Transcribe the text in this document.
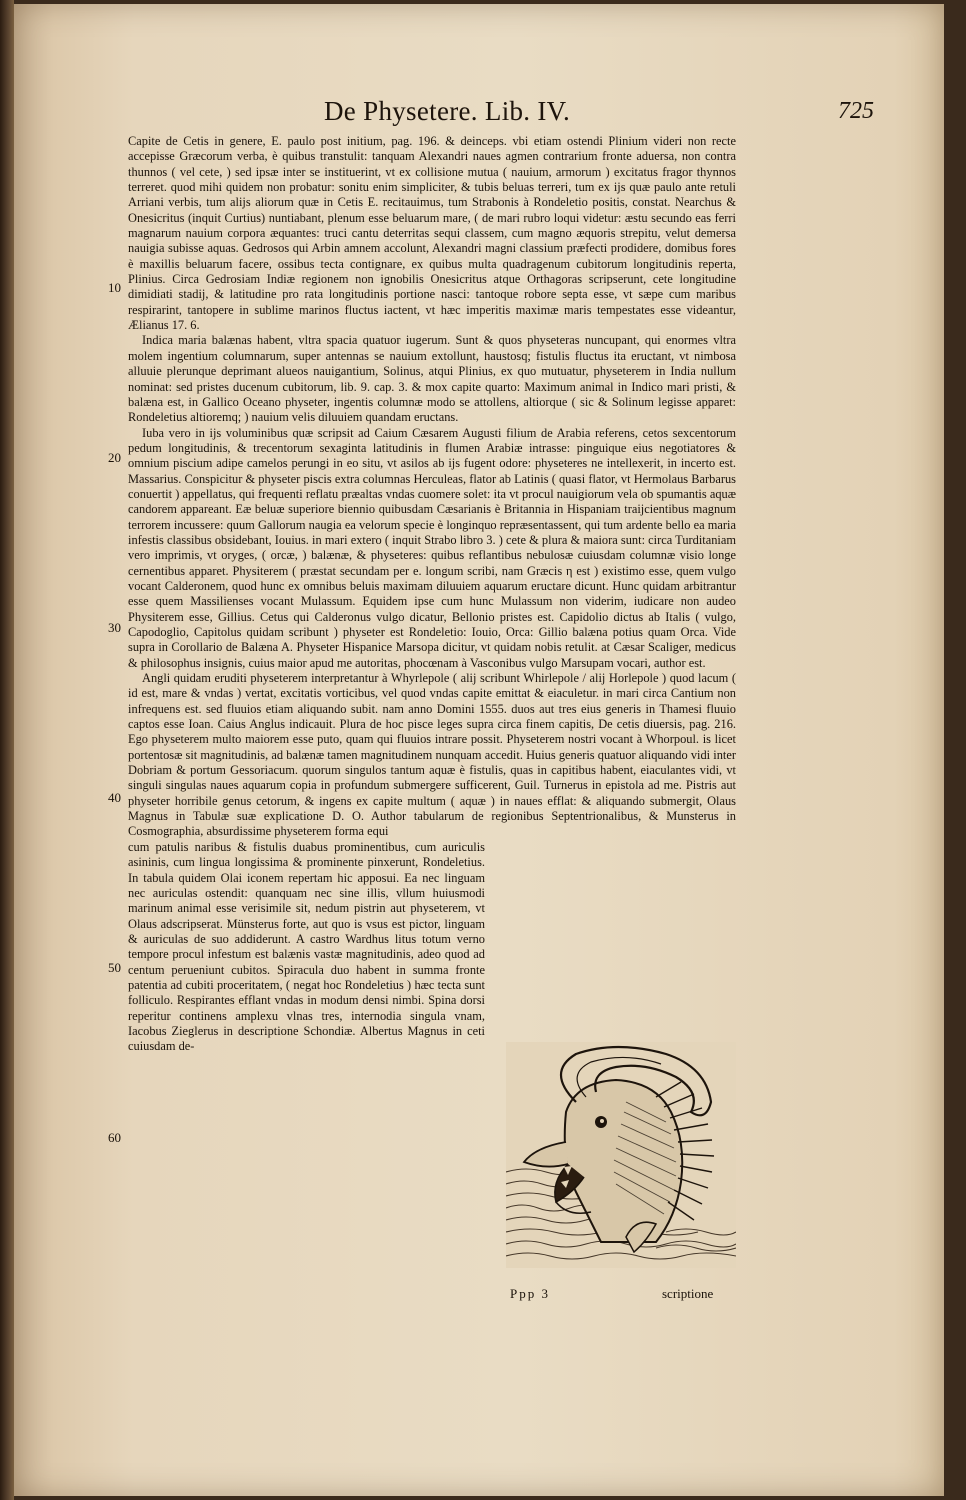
De Physetere. Lib. IV.	725
10
20
30
40
50
60

Capite de Cetis in genere, E. paulo post initium, pag. 196. & deinceps. vbi etiam ostendi Plinium videri non recte accepisse Græcorum verba, è quibus transtulit: tanquam Alexandri naues agmen contrarium fronte aduersa, non contra thunnos ( vel cete, ) sed ipsæ inter se instituerint, vt ex collisione mutua ( nauium, armorum ) excitatus fragor thynnos terreret. quod mihi quidem non probatur: sonitu enim simpliciter, & tubis beluas terreri, tum ex ijs quæ paulo ante retuli Arriani verbis, tum alijs aliorum quæ in Cetis E. recitauimus, tum Strabonis à Rondeletio positis, constat. Nearchus & Onesicritus (inquit Curtius) nuntiabant, plenum esse beluarum mare, ( de mari rubro loqui videtur: æstu secundo eas ferri magnarum nauium corpora æquantes: truci cantu deterritas sequi classem, cum magno æquoris strepitu, velut demersa nauigia subisse aquas. Gedrosos qui Arbin amnem accolunt, Alexandri magni classium præfecti prodidere, domibus fores è maxillis beluarum facere, ossibus tecta contignare, ex quibus multa quadragenum cubitorum longitudinis reperta, Plinius. Circa Gedrosiam Indiæ regionem non ignobilis Onesicritus atque Orthagoras scripserunt, cete longitudine dimidiati stadij, & latitudine pro rata longitudinis portione nasci: tantoque robore septa esse, vt sæpe cum maribus respirarint, tantopere in sublime marinos fluctus iactent, vt hæc imperitis maximæ maris tempestates esse videantur, Ælianus 17. 6.

Indica maria balænas habent, vltra spacia quatuor iugerum. Sunt & quos physeteras nuncupant, qui enormes vltra molem ingentium columnarum, super antennas se nauium extollunt, haustosq; fistulis fluctus ita eructant, vt nimbosa alluuie plerunque deprimant alueos nauigantium, Solinus, atqui Plinius, ex quo mutuatur, physeterem in India nullum nominat: sed pristes ducenum cubitorum, lib. 9. cap. 3. & mox capite quarto: Maximum animal in Indico mari pristi, & balæna est, in Gallico Oceano physeter, ingentis columnæ modo se attollens, altiorque ( sic & Solinum legisse apparet: Rondeletius altioremq; ) nauium velis diluuiem quandam eructans.

Iuba vero in ijs voluminibus quæ scripsit ad Caium Cæsarem Augusti filium de Arabia referens, cetos sexcentorum pedum longitudinis, & trecentorum sexaginta latitudinis in flumen Arabiæ intrasse: pinguique eius negotiatores & omnium piscium adipe camelos perungi in eo situ, vt asilos ab ijs fugent odore: physeteres ne intellexerit, in incerto est. Massarius. Conspicitur & physeter piscis extra columnas Herculeas, flator ab Latinis ( quasi flator, vt Hermolaus Barbarus conuertit ) appellatus, qui frequenti reflatu præaltas vndas cuomere solet: ita vt procul nauigiorum vela ob spumantis aquæ candorem appareant. Eæ beluæ superiore biennio quibusdam Cæsarianis è Britannia in Hispaniam traijcientibus magnum terrorem incussere: quum Gallorum naugia ea velorum specie è longinquo repræsentassent, qui tum ardente bello ea maria infestis classibus obsidebant, Iouius. in mari extero ( inquit Strabo libro 3. ) cete & plura & maiora sunt: circa Turditaniam vero imprimis, vt oryges, ( orcæ, ) balænæ, & physeteres: quibus reflantibus nebulosæ cuiusdam columnæ visio longe cernentibus apparet. Physiterem ( præstat secundam per e. longum scribi, nam Græcis η est ) existimo esse, quem vulgo vocant Calderonem, quod hunc ex omnibus beluis maximam diluuiem aquarum eructare dicunt. Hunc quidam arbitrantur esse quem Massilienses vocant Mulassum. Equidem ipse cum hunc Mulassum non viderim, iudicare non audeo Physiterem esse, Gillius. Cetus qui Calderonus vulgo dicatur, Bellonio pristes est. Capidolio dictus ab Italis ( vulgo, Capodoglio, Capitolus quidam scribunt ) physeter est Rondeletio: Iouio, Orca: Gillio balæna potius quam Orca. Vide supra in Corollario de Balæna A. Physeter Hispanice Marsopa dicitur, vt quidam nobis retulit. at Cæsar Scaliger, medicus & philosophus insignis, cuius maior apud me autoritas, phocœnam à Vasconibus vulgo Marsupam vocari, author est.

Angli quidam eruditi physeterem interpretantur à Whyrlepole ( alij scribunt Whirlepole / alij Horlepole ) quod lacum ( id est, mare & vndas ) vertat, excitatis vorticibus, vel quod vndas capite emittat & eiaculetur. in mari circa Cantium non infrequens est. sed fluuios etiam aliquando subit. nam anno Domini 1555. duos aut tres eius generis in Thamesi fluuio captos esse Ioan. Caius Anglus indicauit. Plura de hoc pisce leges supra circa finem capitis, De cetis diuersis, pag. 216. Ego physeterem multo maiorem esse puto, quam qui fluuios intrare possit. Physeterem nostri vocant à Whorpoul. is licet portentosæ sit magnitudinis, ad balænæ tamen magnitudinem nunquam accedit. Huius generis quatuor aliquando vidi inter Dobriam & portum Gessoriacum. quorum singulos tantum aquæ è fistulis, quas in capitibus habent, eiaculantes vidi, vt singuli singulas naues aquarum copia in profundum submergere sufficerent, Guil. Turnerus in epistola ad me. Pistris aut physeter horribile genus cetorum, & ingens ex capite multum ( aquæ ) in naues efflat: & aliquando submergit, Olaus Magnus in Tabulæ suæ explicatione D. O. Author tabularum de regionibus Septentrionalibus, & Munsterus in Cosmographia, absurdissime physeterem forma equi

cum patulis naribus & fistulis duabus prominentibus, cum auriculis asininis, cum lingua longissima & prominente pinxerunt, Rondeletius. In tabula quidem Olai iconem repertam hic apposui. Ea nec linguam nec auriculas ostendit: quanquam nec sine illis, vllum huiusmodi marinum animal esse verisimile sit, nedum pistrin aut physeterem, vt Olaus adscripserat. Münsterus forte, aut quo is vsus est pictor, linguam & auriculas de suo addiderunt. A castro Wardhus litus totum verno tempore procul infestum est balænis vastæ magnitudinis, adeo quod ad centum perueniunt cubitos. Spiracula duo habent in summa fronte patentia ad cubiti proceritatem, ( negat hoc Rondeletius ) hæc tecta sunt folliculo. Respirantes efflant vndas in modum densi nimbi. Spina dorsi reperitur continens amplexu vlnas tres, internodia singula vnam, Iacobus Zieglerus in descriptione Schondiæ. Albertus Magnus in ceti cuiusdam de-

Ppp 3	scriptione
